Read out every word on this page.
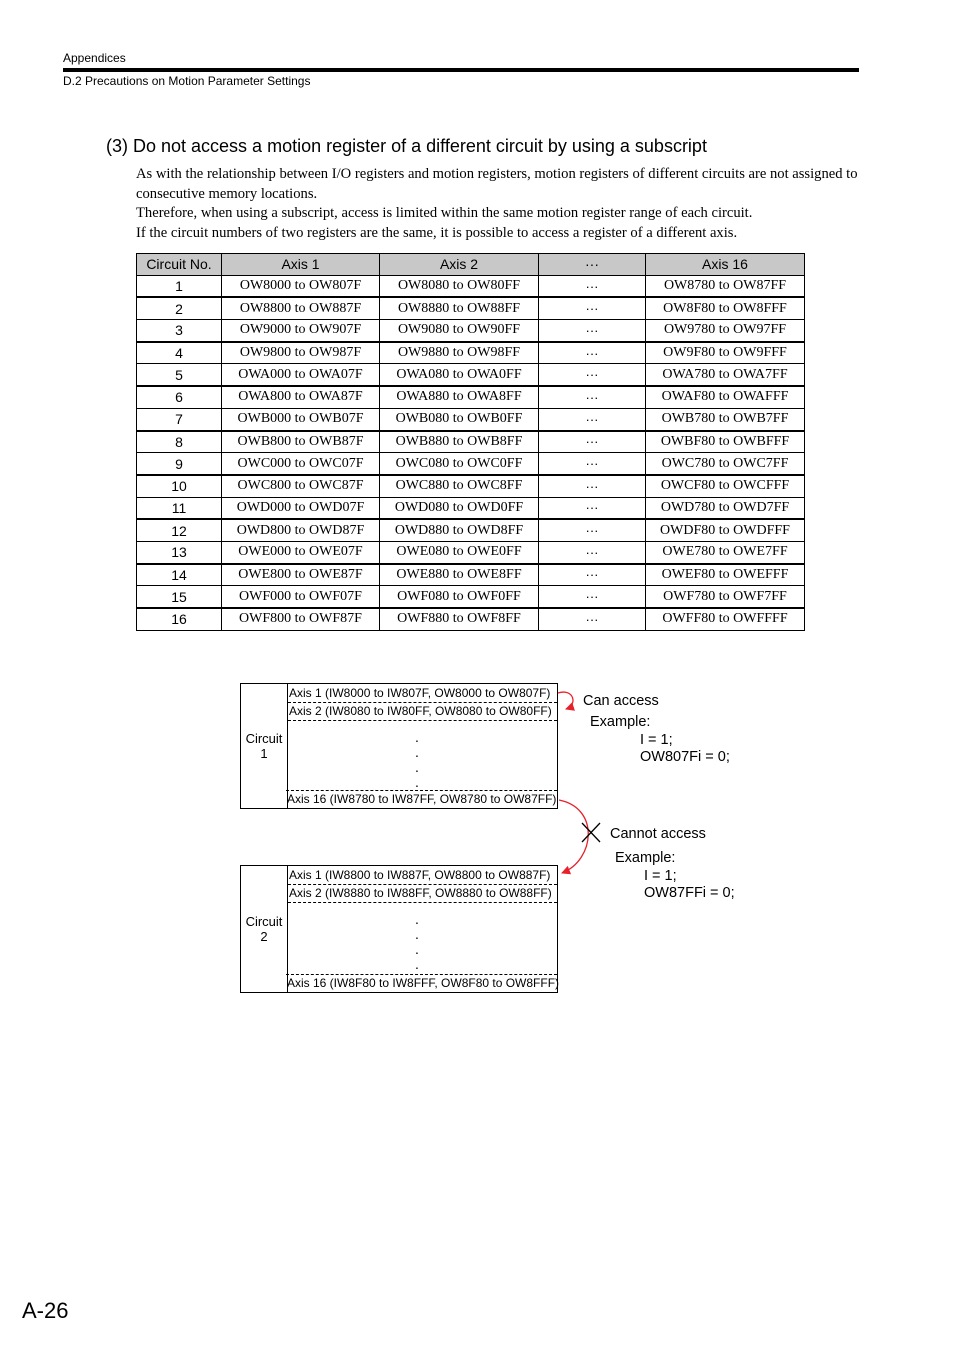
Appendices
D.2 Precautions on Motion Parameter Settings
(3) Do not access a motion register of a different circuit by using a subscript

As with the relationship between I/O registers and motion registers, motion registers of different circuits are not assigned to consecutive memory locations.

Therefore, when using a subscript, access is limited within the same motion register range of each circuit.

If the circuit numbers of two registers are the same, it is possible to access a register of a different axis.

Circuit No.	Axis 1	Axis 2	···	Axis 16
1	OW8000 to OW807F	OW8080 to OW80FF	···	OW8780 to OW87FF
2	OW8800 to OW887F	OW8880 to OW88FF	···	OW8F80 to OW8FFF
3	OW9000 to OW907F	OW9080 to OW90FF	···	OW9780 to OW97FF
4	OW9800 to OW987F	OW9880 to OW98FF	···	OW9F80 to OW9FFF
5	OWA000 to OWA07F	OWA080 to OWA0FF	···	OWA780 to OWA7FF
6	OWA800 to OWA87F	OWA880 to OWA8FF	···	OWAF80 to OWAFFF
7	OWB000 to OWB07F	OWB080 to OWB0FF	···	OWB780 to OWB7FF
8	OWB800 to OWB87F	OWB880 to OWB8FF	···	OWBF80 to OWBFFF
9	OWC000 to OWC07F	OWC080 to OWC0FF	···	OWC780 to OWC7FF
10	OWC800 to OWC87F	OWC880 to OWC8FF	···	OWCF80 to OWCFFF
11	OWD000 to OWD07F	OWD080 to OWD0FF	···	OWD780 to OWD7FF
12	OWD800 to OWD87F	OWD880 to OWD8FF	···	OWDF80 to OWDFFF
13	OWE000 to OWE07F	OWE080 to OWE0FF	···	OWE780 to OWE7FF
14	OWE800 to OWE87F	OWE880 to OWE8FF	···	OWEF80 to OWEFFF
15	OWF000 to OWF07F	OWF080 to OWF0FF	···	OWF780 to OWF7FF
16	OWF800 to OWF87F	OWF880 to OWF8FF	···	OWFF80 to OWFFFF
Circuit
1
Axis 1 (IW8000 to IW807F, OW8000 to OW807F)
Axis 2 (IW8080 to IW80FF, OW8080 to OW80FF)
.
.
.
.
Axis 16 (IW8780 to IW87FF, OW8780 to OW87FF)
Circuit
2
Axis 1 (IW8800 to IW887F, OW8800 to OW887F)
Axis 2 (IW8880 to IW88FF, OW8880 to OW88FF)
.
.
.
.
Axis 16 (IW8F80 to IW8FFF, OW8F80 to OW8FFF)
Can access
Example:
I = 1;
OW807Fi = 0;
Cannot access
Example:
I = 1;
OW87FFi = 0;
A-26
